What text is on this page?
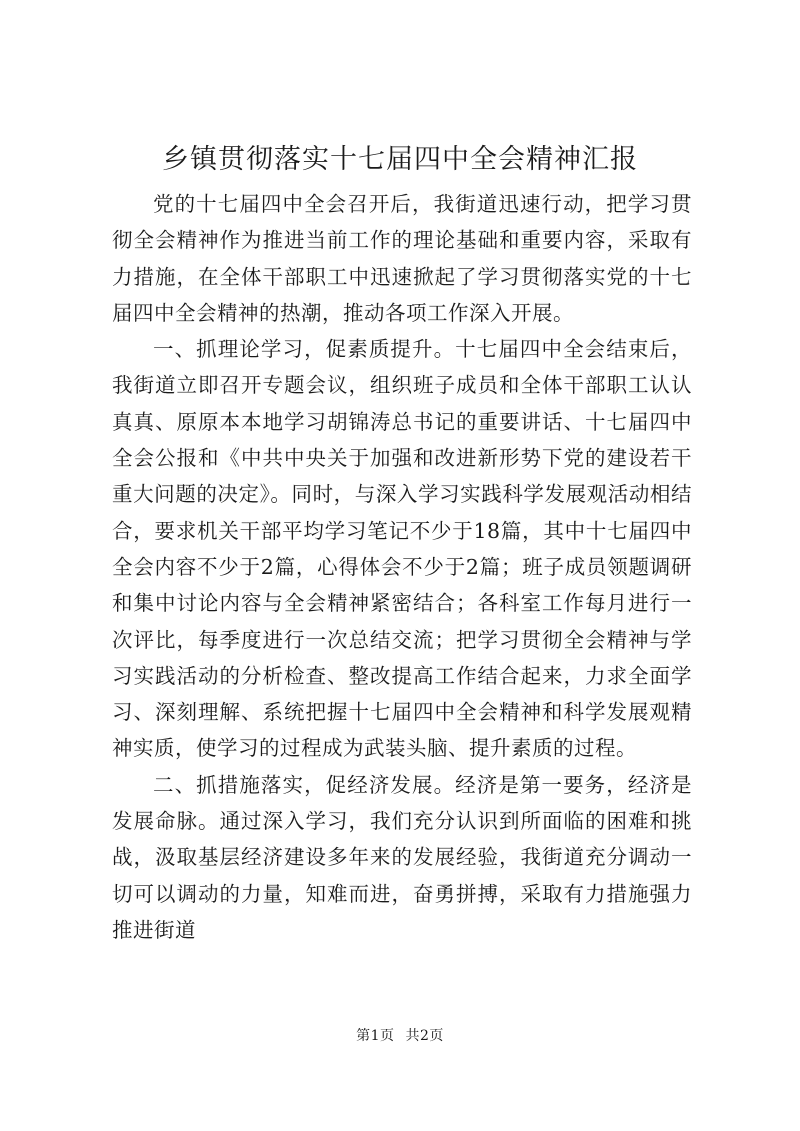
乡镇贯彻落实十七届四中全会精神汇报

党的十七届四中全会召开后，我街道迅速行动，把学习贯彻全会精神作为推进当前工作的理论基础和重要内容，采取有力措施，在全体干部职工中迅速掀起了学习贯彻落实党的十七届四中全会精神的热潮，推动各项工作深入开展。

一、抓理论学习，促素质提升。十七届四中全会结束后，我街道立即召开专题会议，组织班子成员和全体干部职工认认真真、原原本本地学习胡锦涛总书记的重要讲话、十七届四中全会公报和《中共中央关于加强和改进新形势下党的建设若干重大问题的决定》。同时，与深入学习实践科学发展观活动相结合，要求机关干部平均学习笔记不少于18篇，其中十七届四中全会内容不少于2篇，心得体会不少于2篇；班子成员领题调研和集中讨论内容与全会精神紧密结合；各科室工作每月进行一次评比，每季度进行一次总结交流；把学习贯彻全会精神与学习实践活动的分析检查、整改提高工作结合起来，力求全面学习、深刻理解、系统把握十七届四中全会精神和科学发展观精神实质，使学习的过程成为武装头脑、提升素质的过程。

二、抓措施落实，促经济发展。经济是第一要务，经济是发展命脉。通过深入学习，我们充分认识到所面临的困难和挑战，汲取基层经济建设多年来的发展经验，我街道充分调动一切可以调动的力量，知难而进，奋勇拼搏，采取有力措施强力推进街道

第1页 共2页
